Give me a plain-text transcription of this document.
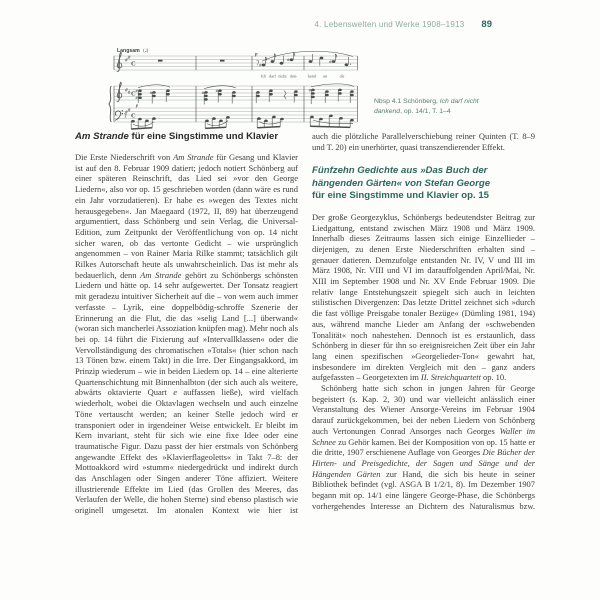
4. Lebenswelten und Werke 1908–1913 89
Langsam (♩)
# #
# #
# #
C
C
C
p
#
#	#
Ich darf nicht dan-	kend an	dir
p
#
#
#	#	#	#
Nbsp 4.1 Schönberg, Ich darf nicht dankend, op. 14/1, T. 1–4
Am Strande für eine Singstimme und Klavier

Die Erste Niederschrift von Am Strande für Gesang und Klavier ist auf den 8. Februar 1909 datiert; jedoch notiert Schönberg auf einer späteren Reinschrift, das Lied sei »vor den George Liedern«, also vor op. 15 geschrieben worden (dann wäre es rund ein Jahr vorzudatieren). Er habe es »wegen des Textes nicht herausgegeben«. Jan Maegaard (1972, II, 89) hat überzeugend argumentiert, dass Schönberg und sein Verlag, die Universal-Edition, zum Zeitpunkt der Veröffentlichung von op. 14 nicht sicher waren, ob das vertonte Gedicht – wie ursprünglich angenommen – von Rainer Maria Rilke stammt; tatsächlich gilt Rilkes Autorschaft heute als unwahrscheinlich. Das ist mehr als bedauerlich, denn Am Strande gehört zu Schönbergs schönsten Liedern und hätte op. 14 sehr aufgewertet. Der Tonsatz reagiert mit geradezu intuitiver Sicherheit auf die – von wem auch immer verfasste – Lyrik, eine doppelbödig-schroffe Szenerie der Erinnerung an die Flut, die das »selig Land [...] überwand« (woran sich mancherlei Assoziation knüpfen mag). Mehr noch als bei op. 14 führt die Fixierung auf »Intervallklassen« oder die Vervollständigung des chromatischen »Totals« (hier schon nach 13 Tönen bzw. einem Takt) in die Irre. Der Eingangsakkord, im Prinzip wiederum – wie in beiden Liedern op. 14 – eine alterierte Quartenschichtung mit Binnenhalbton (der sich auch als weitere, abwärts oktavierte Quart e auffassen ließe), wird vielfach wiederholt, wobei die Oktavlagen wechseln und auch einzelne Töne vertauscht werden; an keiner Stelle jedoch wird er transponiert oder in irgendeiner Weise entwickelt. Er bleibt im Kern invariant, steht für sich wie eine fixe Idee oder eine traumatische Figur. Dazu passt der hier erstmals von Schönberg angewandte Effekt des »Klavierflageoletts« in Takt 7–8: der Mottoakkord wird »stumm« niedergedrückt und indirekt durch das Anschlagen oder Singen anderer Töne affiziert. Weitere illustrierende Effekte im Lied (das Grollen des Meeres, das Verlaufen der Welle, die hohen Sterne) sind ebenso plastisch wie originell umgesetzt. Im atonalen Kontext wie hier ist

auch die plötzliche Parallelverschiebung reiner Quinten (T. 8–9 und T. 20) ein unerhörter, quasi transzendierender Effekt.

Fünfzehn Gedichte aus »Das Buch der hängenden Gärten« von Stefan George
für eine Singstimme und Klavier op. 15

Der große Georgezyklus, Schönbergs bedeutendster Beitrag zur Liedgattung, entstand zwischen März 1908 und März 1909. Innerhalb dieses Zeitraums lassen sich einige Einzellieder – diejenigen, zu denen Erste Niederschriften erhalten sind – genauer datieren. Demzufolge entstanden Nr. IV, V und III im März 1908, Nr. VIII und VI im darauffolgenden April/Mai, Nr. XIII im September 1908 und Nr. XV Ende Februar 1909. Die relativ lange Entstehungszeit spiegelt sich auch in leichten stilistischen Divergenzen: Das letzte Drittel zeichnet sich »durch die fast völlige Preisgabe tonaler Bezüge« (Dümling 1981, 194) aus, während manche Lieder am Anfang der »schwebenden Tonalität« noch nahestehen. Dennoch ist es erstaunlich, dass Schönberg in dieser für ihn so ereignisreichen Zeit über ein Jahr lang einen spezifischen »Georgelieder-Ton« gewahrt hat, insbesondere im direkten Vergleich mit den – ganz anders aufgefassten – Georgetexten im II. Streichquartett op. 10.

Schönberg hatte sich schon in jungen Jahren für George begeistert (s. Kap. 2, 30) und war vielleicht anlässlich einer Veranstaltung des Wiener Ansorge-Vereins im Februar 1904 darauf zurückgekommen, bei der neben Liedern von Schönberg auch Vertonungen Conrad Ansorges nach Georges Waller im Schnee zu Gehör kamen. Bei der Komposition von op. 15 hatte er die dritte, 1907 erschienene Auflage von Georges Die Bücher der Hirten- und Preisgedichte, der Sagen und Sänge und der Hängenden Gärten zur Hand, die sich bis heute in seiner Bibliothek befindet (vgl. ASGA B 1/2/1, 8). Im Dezember 1907 begann mit op. 14/1 eine längere George-Phase, die Schönbergs vorhergehendes Interesse an Dichtern des Naturalismus bzw.
